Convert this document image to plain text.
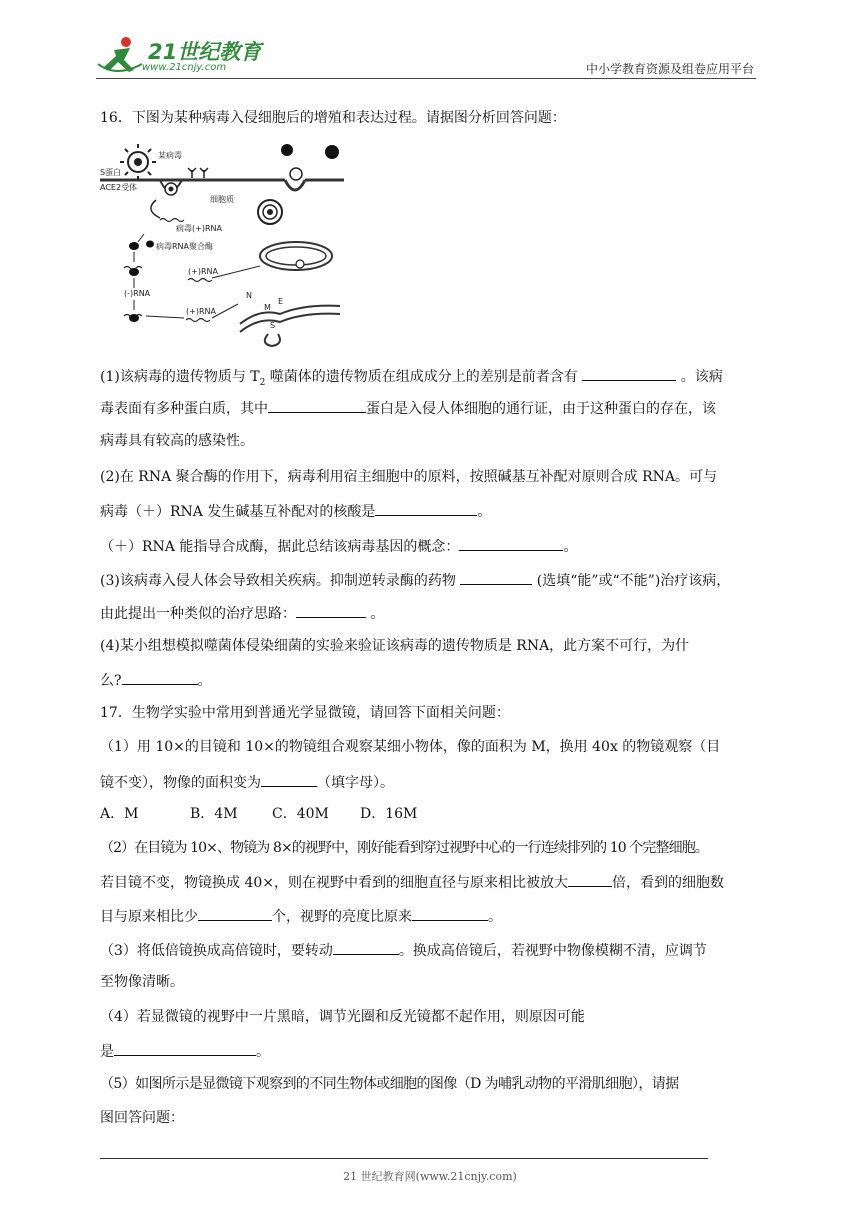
21世纪教育
www.21cnjy.com	中小学教育资源及组卷应用平台
16．下图为某种病毒入侵细胞后的增殖和表达过程。请据图分析回答问题：
某病毒
S蛋白
ACE2受体
细胞质
病毒(+)RNA
病毒RNA聚合酶
(+)RNA
(-)RNA
(+)RNA
N
M
E
S
(1)该病毒的遗传物质与 $T_2$ 噬菌体的遗传物质在组成成分上的差别是前者含有	。该病
毒表面有多种蛋白质，其中	蛋白是入侵人体细胞的通行证，由于这种蛋白的存在，该
病毒具有较高的感染性。
(2)在 RNA 聚合酶的作用下，病毒利用宿主细胞中的原料，按照碱基互补配对原则合成 RNA。可与
病毒（＋）RNA 发生碱基互补配对的核酸是	。
（＋）RNA 能指导合成酶，据此总结该病毒基因的概念：	。
(3)该病毒入侵人体会导致相关疾病。抑制逆转录酶的药物	(选填“能”或“不能”)治疗该病，
由此提出一种类似的治疗思路：	。
(4)某小组想模拟噬菌体侵染细菌的实验来验证该病毒的遗传物质是 RNA，此方案不可行，为什
么?	。
17．生物学实验中常用到普通光学显微镜，请回答下面相关问题：
（1）用 10×的目镜和 10×的物镜组合观察某细小物体，像的面积为 M，换用 40x 的物镜观察（目
镜不变），物像的面积变为	（填字母）。
A．M	B．4M C．40M D．16M
（2）在目镜为 10×、物镜为 8×的视野中，刚好能看到穿过视野中心的一行连续排列的 10 个完整细胞。
若目镜不变，物镜换成 40×，则在视野中看到的细胞直径与原来相比被放大	倍，看到的细胞数
目与原来相比少	个，视野的亮度比原来	。
（3）将低倍镜换成高倍镜时，要转动	。换成高倍镜后，若视野中物像模糊不清，应调节
至物像清晰。
（4）若显微镜的视野中一片黑暗，调节光圈和反光镜都不起作用，则原因可能
是	。
（5）如图所示是显微镜下观察到的不同生物体或细胞的图像（D 为哺乳动物的平滑肌细胞），请据
图回答问题：
21 世纪教育网(www.21cnjy.com)
